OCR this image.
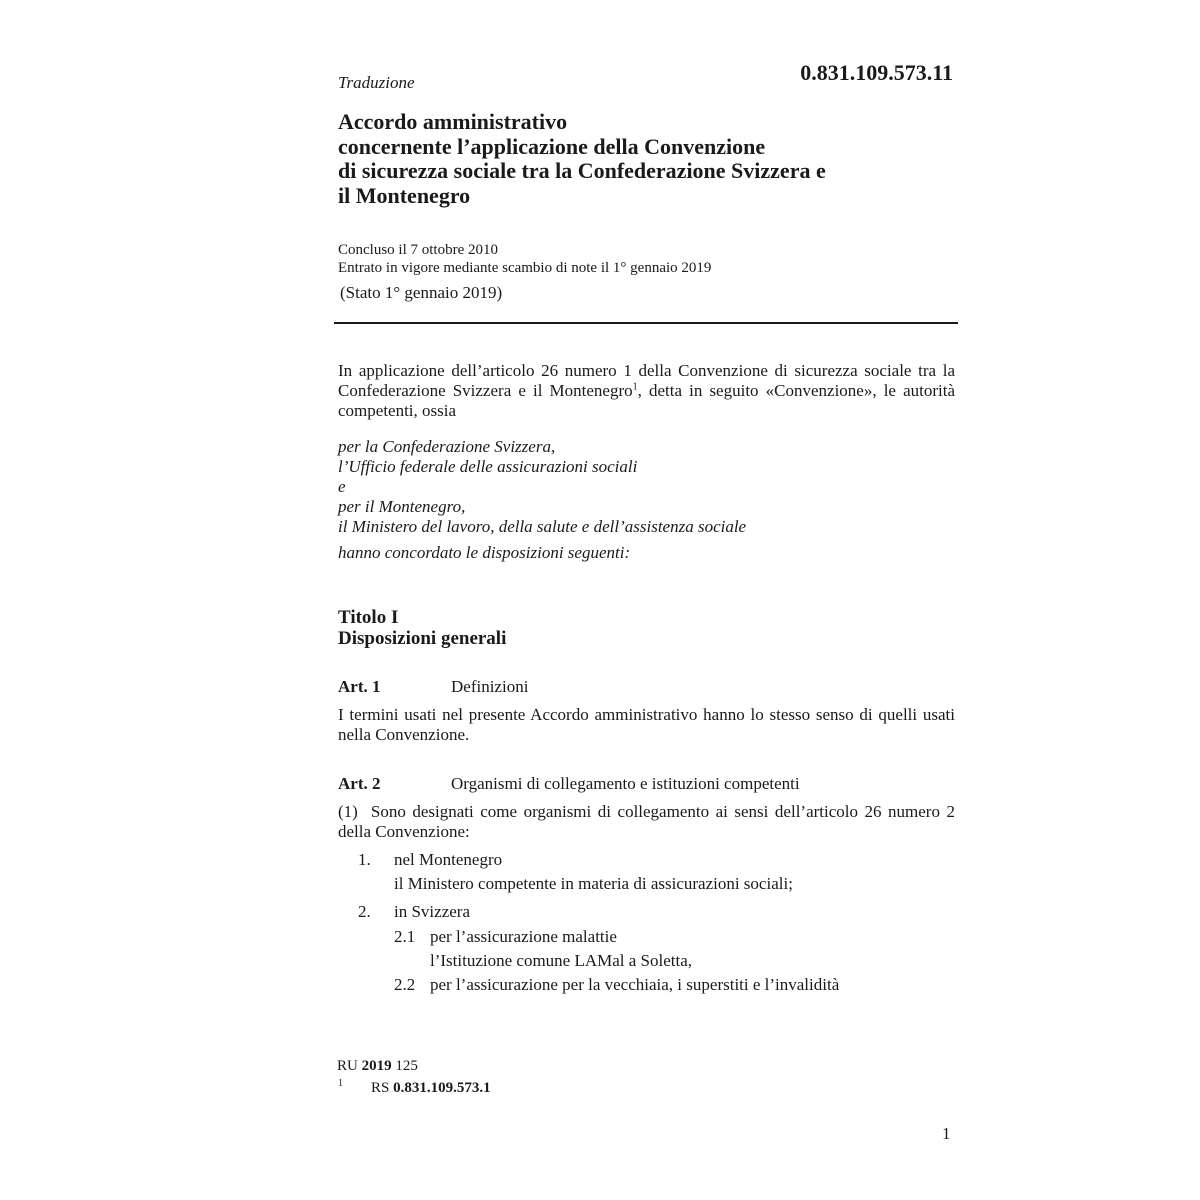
0.831.109.573.11
Traduzione
Accordo amministrativo
concernente l’applicazione della Convenzione
di sicurezza sociale tra la Confederazione Svizzera e
il Montenegro
Concluso il 7 ottobre 2010
Entrato in vigore mediante scambio di note il 1° gennaio 2019
(Stato 1° gennaio 2019)
In applicazione dell’articolo 26 numero 1 della Convenzione di sicurezza sociale tra la Confederazione Svizzera e il Montenegro$^1$, detta in seguito «Convenzione», le autorità competenti, ossia
per la Confederazione Svizzera,
l’Ufficio federale delle assicurazioni sociali
e
per il Montenegro,
il Ministero del lavoro, della salute e dell’assistenza sociale
hanno concordato le disposizioni seguenti:
Titolo I
Disposizioni generali
Art. 1	Definizioni
I termini usati nel presente Accordo amministrativo hanno lo stesso senso di quelli usati nella Convenzione.
Art. 2	Organismi di collegamento e istituzioni competenti
(1)  Sono designati come organismi di collegamento ai sensi dell’articolo 26 numero 2 della Convenzione:
1. nel Montenegro
il Ministero competente in materia di assicurazioni sociali;
2. in Svizzera
2.1 per l’assicurazione malattie
l’Istituzione comune LAMal a Soletta,
2.2 per l’assicurazione per la vecchiaia, i superstiti e l’invalidità
RU 2019 125
1 RS 0.831.109.573.1
1
